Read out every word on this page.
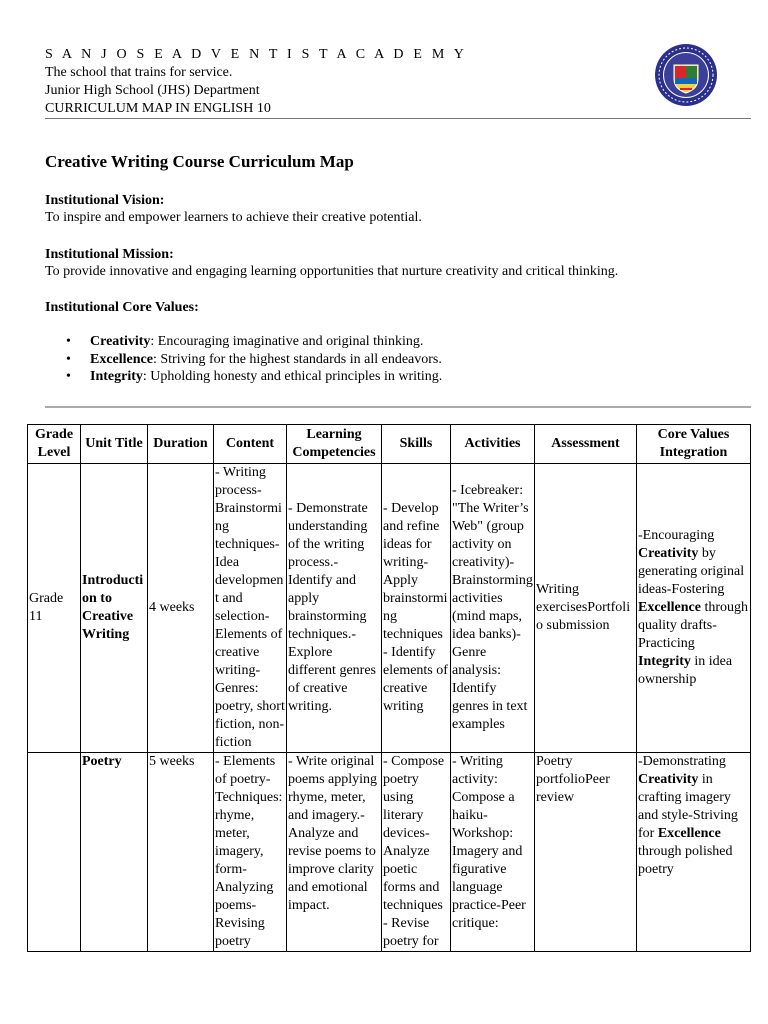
S A N J O S E A D V E N T I S T A C A D E M Y
The school that trains for service.
Junior High School (JHS) Department
CURRICULUM MAP IN ENGLISH 10
Creative Writing Course Curriculum Map
Institutional Vision:
To inspire and empower learners to achieve their creative potential.
Institutional Mission:
To provide innovative and engaging learning opportunities that nurture creativity and critical thinking.
Institutional Core Values:
• Creativity: Encouraging imaginative and original thinking.
• Excellence: Striving for the highest standards in all endeavors.
• Integrity: Upholding honesty and ethical principles in writing.
Grade Level	Unit Title	Duration	Content	Learning Competencies	Skills	Activities	Assessment	Core Values Integration
Grade 11	Introduction to Creative Writing	4 weeks	- Writing process-Brainstorming techniques-Idea development and selection-Elements of creative writing-Genres: poetry, short fiction, non-fiction	- Demonstrate understanding of the writing process.-Identify and apply brainstorming techniques.-Explore different genres of creative writing.	- Develop and refine ideas for writing-Apply brainstorming techniques - Identify elements of creative writing	- Icebreaker: "The Writer’s Web" (group activity on creativity)-Brainstorming activities (mind maps, idea banks)-Genre analysis: Identify genres in text examples	Writing exercisesPortfolio submission	-Encouraging Creativity by generating original ideas-Fostering Excellence through quality drafts-Practicing Integrity in idea ownership
	Poetry	5 weeks	- Elements of poetry-Techniques: rhyme, meter, imagery, form-Analyzing poems-Revising poetry	- Write original poems applying rhyme, meter, and imagery.-Analyze and revise poems to improve clarity and emotional impact.	- Compose poetry using literary devices-Analyze poetic forms and techniques - Revise poetry for	- Writing activity: Compose a haiku-Workshop: Imagery and figurative language practice-Peer critique:	Poetry portfolioPeer review	-Demonstrating Creativity in crafting imagery and style-Striving for Excellence through polished poetry
